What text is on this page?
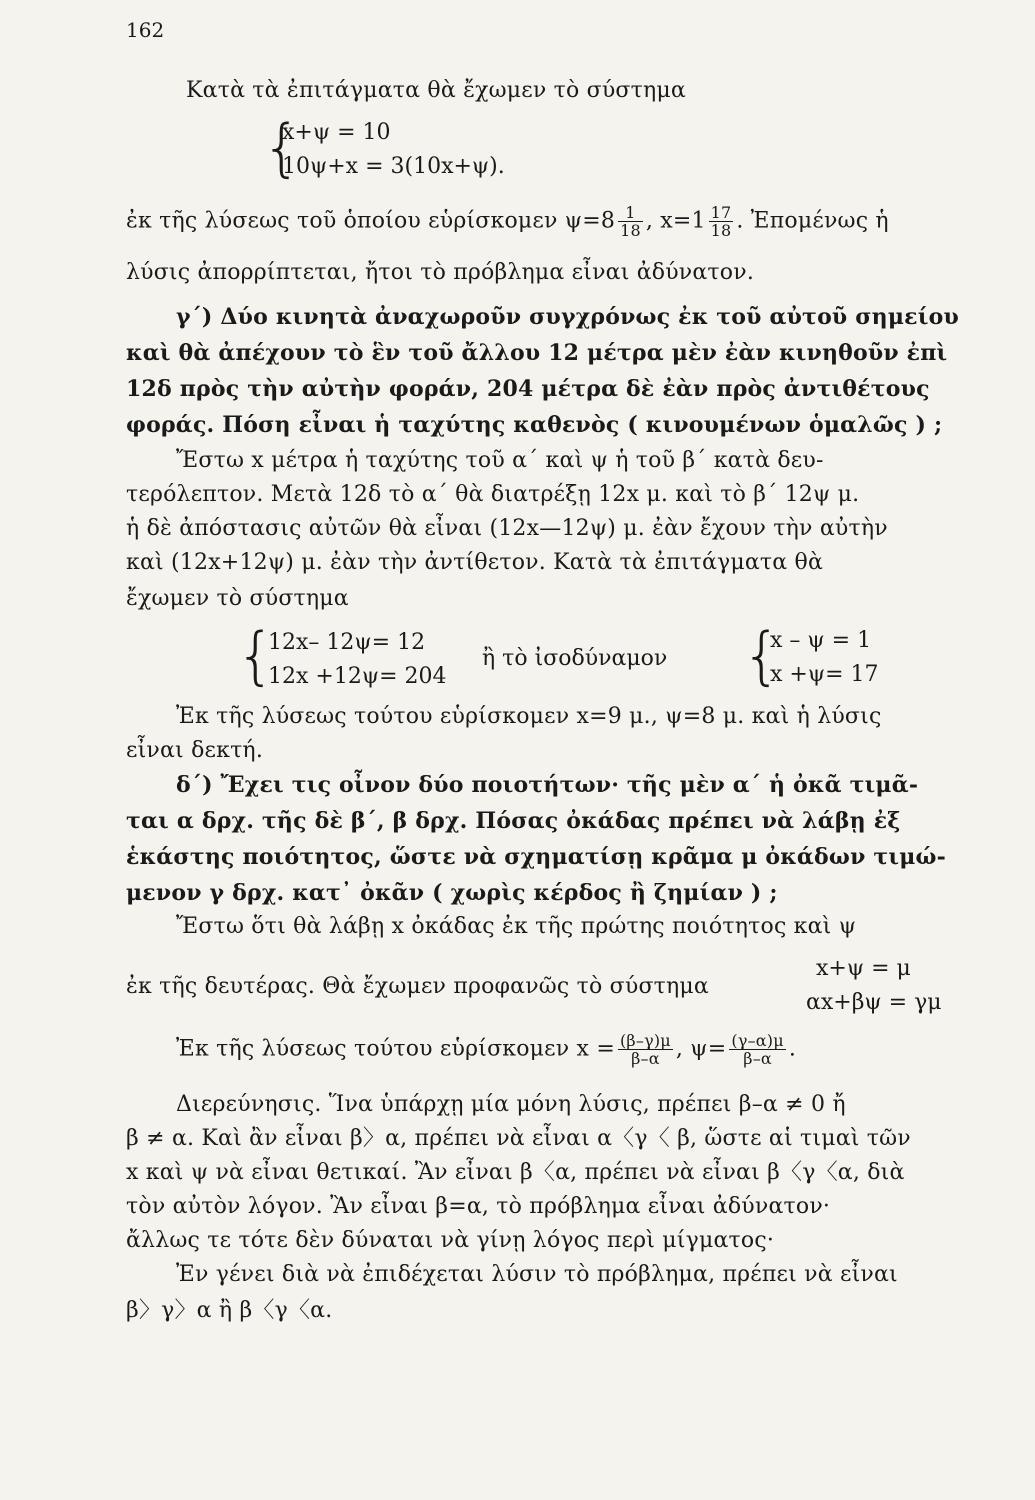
162
Κατὰ τὰ ἐπιτάγματα θὰ ἔχωμεν τὸ σύστημα
{
x+ψ = 10
10ψ+x = 3(10x+ψ).
ἐκ τῆς λύσεως τοῦ ὁποίου εὑρίσκομεν $\psi=8 \frac{1}{18}$ , $x=1 \frac{17}{18}$ . Ἐπομένως ἡ
λύσις ἀπορρίπτεται, ἤτοι τὸ πρόβλημα εἶναι ἀδύνατον.
γ΄) Δύο κινητὰ ἀναχωροῦν συγχρόνως ἐκ τοῦ αὐτοῦ σημείου
καὶ θὰ ἀπέχουν τὸ ἓν τοῦ ἄλλου 12 μέτρα μὲν ἐὰν κινηθοῦν ἐπὶ
12δ πρὸς τὴν αὐτὴν φοράν, 204 μέτρα δὲ ἐὰν πρὸς ἀντιθέτους
φοράς. Πόση εἶναι ἡ ταχύτης καθενὸς ( κινουμένων ὁμαλῶς ) ;
Ἔστω x μέτρα ἡ ταχύτης τοῦ α΄ καὶ ψ ἡ τοῦ β΄ κατὰ δευ-
τερόλεπτον. Μετὰ 12δ τὸ α΄ θὰ διατρέξῃ 12x μ. καὶ τὸ β΄ 12ψ μ.
ἡ δὲ ἀπόστασις αὐτῶν θὰ εἶναι (12x—12ψ) μ. ἐὰν ἔχουν τὴν αὐτὴν
καὶ (12x+12ψ) μ. ἐὰν τὴν ἀντίθετον. Κατὰ τὰ ἐπιτάγματα θὰ
ἔχωμεν τὸ σύστημα
{
12x– 12ψ= 12
12x +12ψ= 204
ἢ τὸ ἰσοδύναμον {
x – ψ = 1
x +ψ= 17
Ἐκ τῆς λύσεως τούτου εὑρίσκομεν x=9 μ., ψ=8 μ. καὶ ἡ λύσις
εἶναι δεκτή.
δ΄) Ἔχει τις οἶνον δύο ποιοτήτων· τῆς μὲν α΄ ἡ ὀκᾶ τιμᾶ-
ται α δρχ. τῆς δὲ β΄, β δρχ. Πόσας ὀκάδας πρέπει νὰ λάβῃ ἐξ
ἑκάστης ποιότητος, ὥστε νὰ σχηματίσῃ κρᾶμα μ ὀκάδων τιμώ-
μενον γ δρχ. κατ᾽ ὀκᾶν ( χωρὶς κέρδος ἢ ζημίαν ) ;
Ἔστω ὅτι θὰ λάβῃ x ὀκάδας ἐκ τῆς πρώτης ποιότητος καὶ ψ
x+ψ = μ
ἐκ τῆς δευτέρας. Θὰ ἔχωμεν προφανῶς τὸ σύστημα
αx+βψ = γμ
Ἐκ τῆς λύσεως τούτου εὑρίσκομεν $x = \frac{(\beta-\gamma)\mu}{\beta-\alpha}$ , $\psi= \frac{(\gamma-\alpha)\mu}{\beta-\alpha}$ .
Διερεύνησις. Ἵνα ὑπάρχῃ μία μόνη λύσις, πρέπει β–α ≠ 0 ἤ
β ≠ α. Καὶ ἂν εἶναι β〉α, πρέπει νὰ εἶναι α〈γ〈 β, ὥστε αἱ τιμαὶ τῶν
x καὶ ψ νὰ εἶναι θετικαί. Ἂν εἶναι β〈α, πρέπει νὰ εἶναι β〈γ〈α, διὰ
τὸν αὐτὸν λόγον. Ἂν εἶναι β=α, τὸ πρόβλημα εἶναι ἀδύνατον·
ἄλλως τε τότε δὲν δύναται νὰ γίνῃ λόγος περὶ μίγματος·
Ἐν γένει διὰ νὰ ἐπιδέχεται λύσιν τὸ πρόβλημα, πρέπει νὰ εἶναι
β〉γ〉α ἢ β〈γ〈α.
